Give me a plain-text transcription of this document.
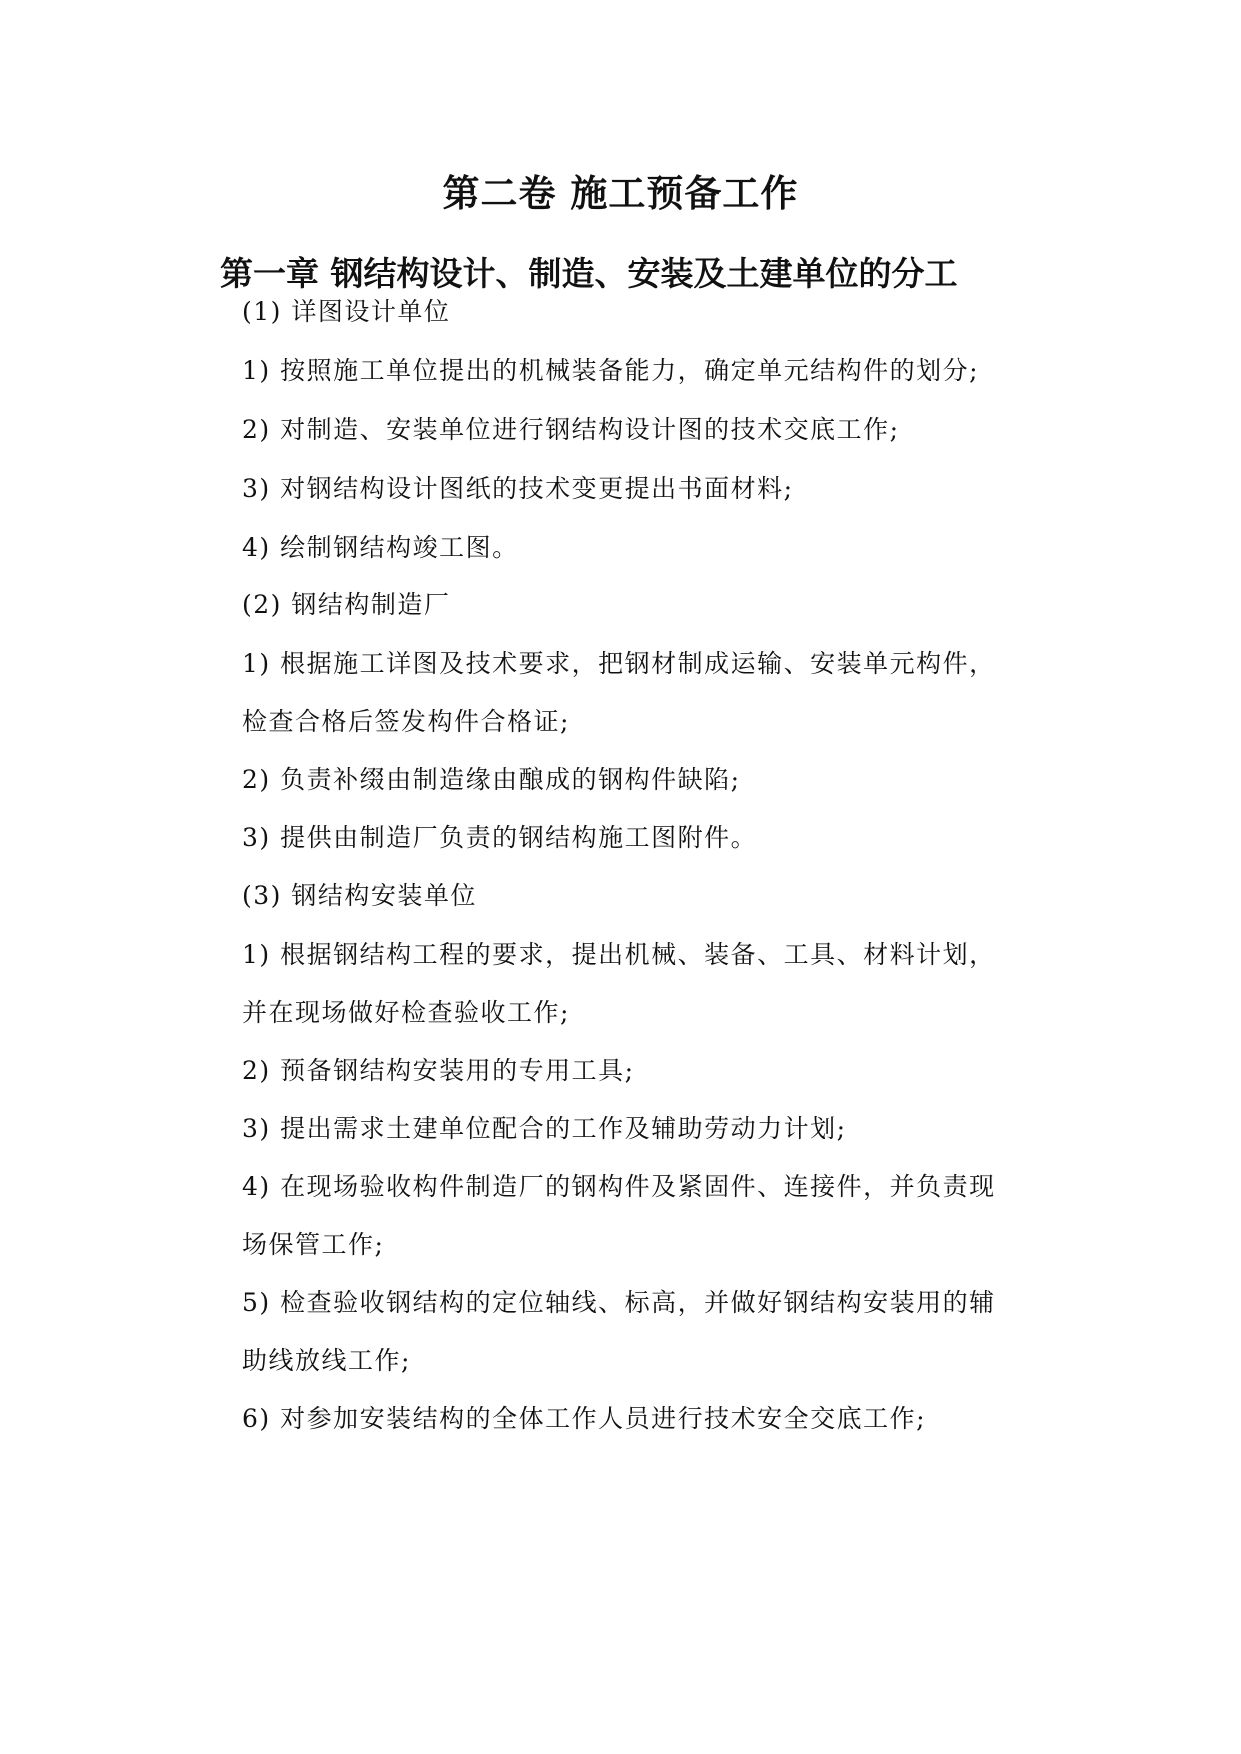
第二卷 施工预备工作
第一章 钢结构设计、制造、安装及土建单位的分工
(1) 详图设计单位
1) 按照施工单位提出的机械装备能力，确定单元结构件的划分;
2) 对制造、安装单位进行钢结构设计图的技术交底工作;
3) 对钢结构设计图纸的技术变更提出书面材料;
4) 绘制钢结构竣工图。
(2) 钢结构制造厂
1) 根据施工详图及技术要求，把钢材制成运输、安装单元构件，
检查合格后签发构件合格证;
2) 负责补缀由制造缘由酿成的钢构件缺陷;
3) 提供由制造厂负责的钢结构施工图附件。
(3) 钢结构安装单位
1) 根据钢结构工程的要求，提出机械、装备、工具、材料计划，
并在现场做好检查验收工作;
2) 预备钢结构安装用的专用工具;
3) 提出需求土建单位配合的工作及辅助劳动力计划;
4) 在现场验收构件制造厂的钢构件及紧固件、连接件，并负责现
场保管工作;
5) 检查验收钢结构的定位轴线、标高，并做好钢结构安装用的辅
助线放线工作;
6) 对参加安装结构的全体工作人员进行技术安全交底工作;
